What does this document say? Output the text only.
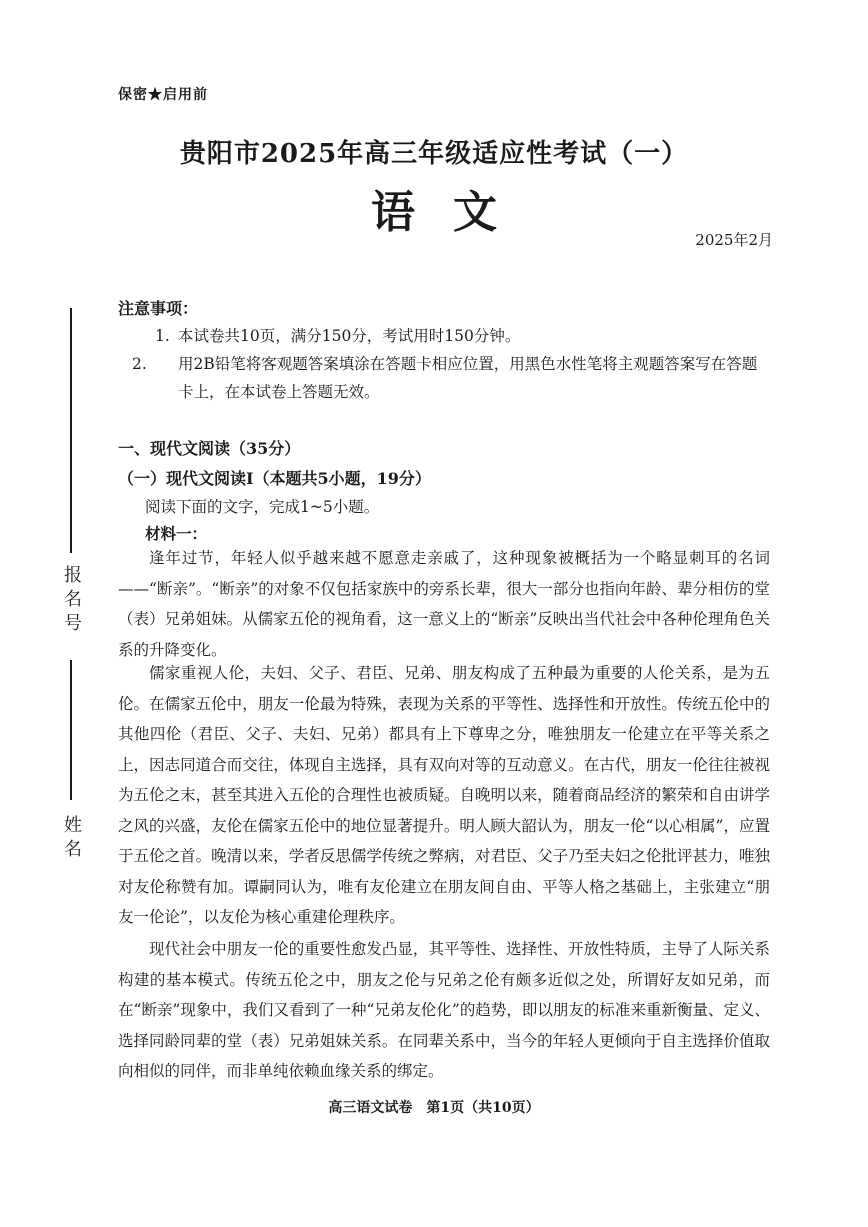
保密★启用前
贵阳市2025年高三年级适应性考试（一）
语文
2025年2月
注意事项：
1. 本试卷共10页，满分150分，考试用时150分钟。
2. 用2B铅笔将客观题答案填涂在答题卡相应位置，用黑色水性笔将主观题答案写在答题卡上，在本试卷上答题无效。
一、现代文阅读（35分）
（一）现代文阅读Ⅰ（本题共5小题，19分）
阅读下面的文字，完成1~5小题。
材料一：
逢年过节，年轻人似乎越来越不愿意走亲戚了，这种现象被概括为一个略显刺耳的名词——“断亲”。“断亲”的对象不仅包括家族中的旁系长辈，很大一部分也指向年龄、辈分相仿的堂（表）兄弟姐妹。从儒家五伦的视角看，这一意义上的“断亲”反映出当代社会中各种伦理角色关系的升降变化。
儒家重视人伦，夫妇、父子、君臣、兄弟、朋友构成了五种最为重要的人伦关系，是为五伦。在儒家五伦中，朋友一伦最为特殊，表现为关系的平等性、选择性和开放性。传统五伦中的其他四伦（君臣、父子、夫妇、兄弟）都具有上下尊卑之分，唯独朋友一伦建立在平等关系之上，因志同道合而交往，体现自主选择，具有双向对等的互动意义。在古代，朋友一伦往往被视为五伦之末，甚至其进入五伦的合理性也被质疑。自晚明以来，随着商品经济的繁荣和自由讲学之风的兴盛，友伦在儒家五伦中的地位显著提升。明人顾大韶认为，朋友一伦“以心相属”，应置于五伦之首。晚清以来，学者反思儒学传统之弊病，对君臣、父子乃至夫妇之伦批评甚力，唯独对友伦称赞有加。谭嗣同认为，唯有友伦建立在朋友间自由、平等人格之基础上，主张建立“朋友一伦论”，以友伦为核心重建伦理秩序。
现代社会中朋友一伦的重要性愈发凸显，其平等性、选择性、开放性特质，主导了人际关系构建的基本模式。传统五伦之中，朋友之伦与兄弟之伦有颇多近似之处，所谓好友如兄弟，而在“断亲”现象中，我们又看到了一种“兄弟友伦化”的趋势，即以朋友的标准来重新衡量、定义、选择同龄同辈的堂（表）兄弟姐妹关系。在同辈关系中，当今的年轻人更倾向于自主选择价值取向相似的同伴，而非单纯依赖血缘关系的绑定。
高三语文试卷　第1页（共10页）
报名号
姓名
